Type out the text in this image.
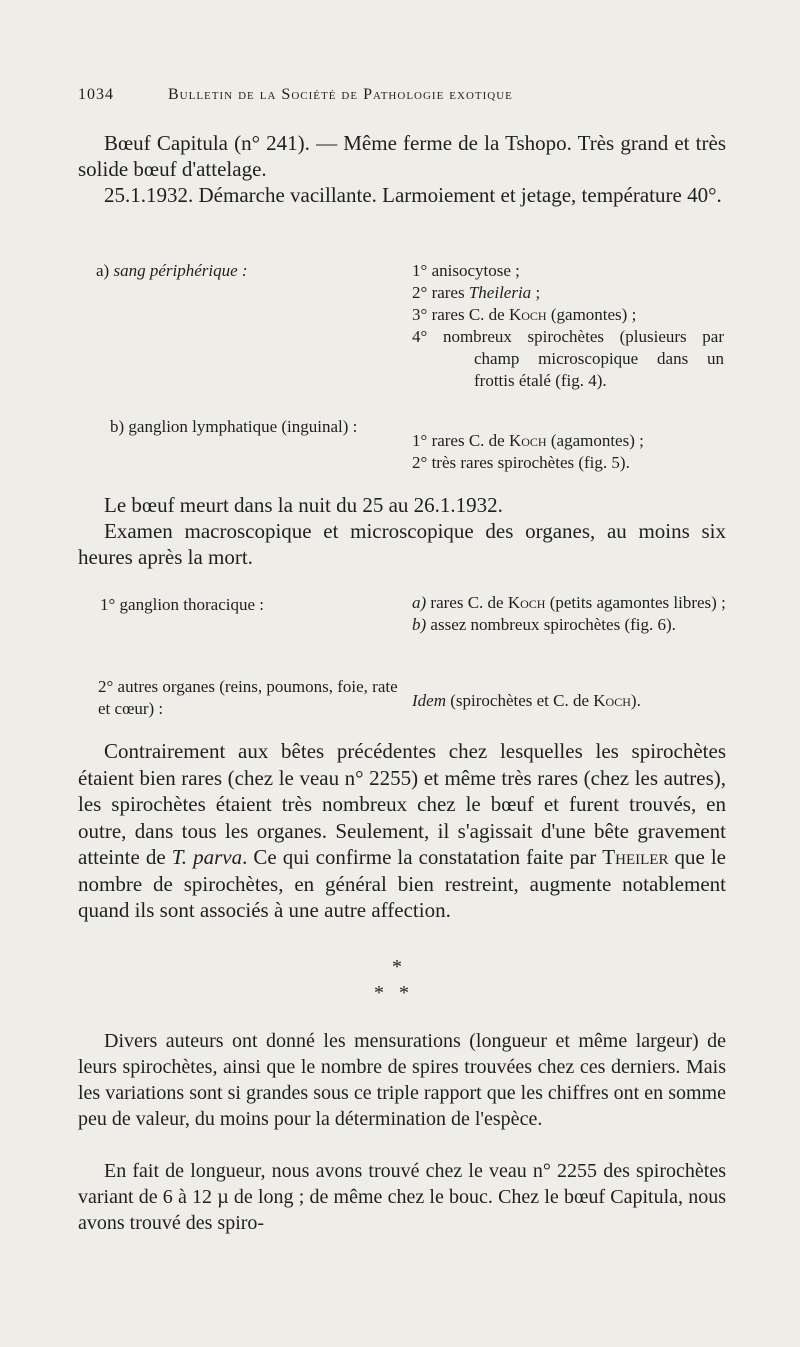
1034	Bulletin de la Société de Pathologie exotique
Bœuf Capitula (n° 241). — Même ferme de la Tshopo. Très grand et très solide bœuf d'attelage.
25.1.1932. Démarche vacillante. Larmoiement et jetage, température 40°.
a) sang périphérique :	1° anisocytose ;
2° rares Theileria ;
3° rares C. de Koch (gamontes) ;
4° nombreux spirochètes (plusieurs par champ microscopique dans un frottis étalé (fig. 4).
b) ganglion lymphatique (inguinal) :
1° rares C. de Koch (agamontes) ;
2° très rares spirochètes (fig. 5).
Le bœuf meurt dans la nuit du 25 au 26.1.1932.
Examen macroscopique et microscopique des organes, au moins six heures après la mort.
1° ganglion thoracique :	a) rares C. de Koch (petits agamontes libres) ;
b) assez nombreux spirochètes (fig. 6).
2° autres organes (reins, poumons, foie, rate et cœur) :	Idem (spirochètes et C. de Koch).
Contrairement aux bêtes précédentes chez lesquelles les spirochètes étaient bien rares (chez le veau n° 2255) et même très rares (chez les autres), les spirochètes étaient très nombreux chez le bœuf et furent trouvés, en outre, dans tous les organes. Seulement, il s'agissait d'une bête gravement atteinte de T. parva. Ce qui confirme la constatation faite par Theiler que le nombre de spirochètes, en général bien restreint, augmente notablement quand ils sont associés à une autre affection.
*
*   *
Divers auteurs ont donné les mensurations (longueur et même largeur) de leurs spirochètes, ainsi que le nombre de spires trouvées chez ces derniers. Mais les variations sont si grandes sous ce triple rapport que les chiffres ont en somme peu de valeur, du moins pour la détermination de l'espèce.
En fait de longueur, nous avons trouvé chez le veau n° 2255 des spirochètes variant de 6 à 12 µ de long ; de même chez le bouc. Chez le bœuf Capitula, nous avons trouvé des spiro-
